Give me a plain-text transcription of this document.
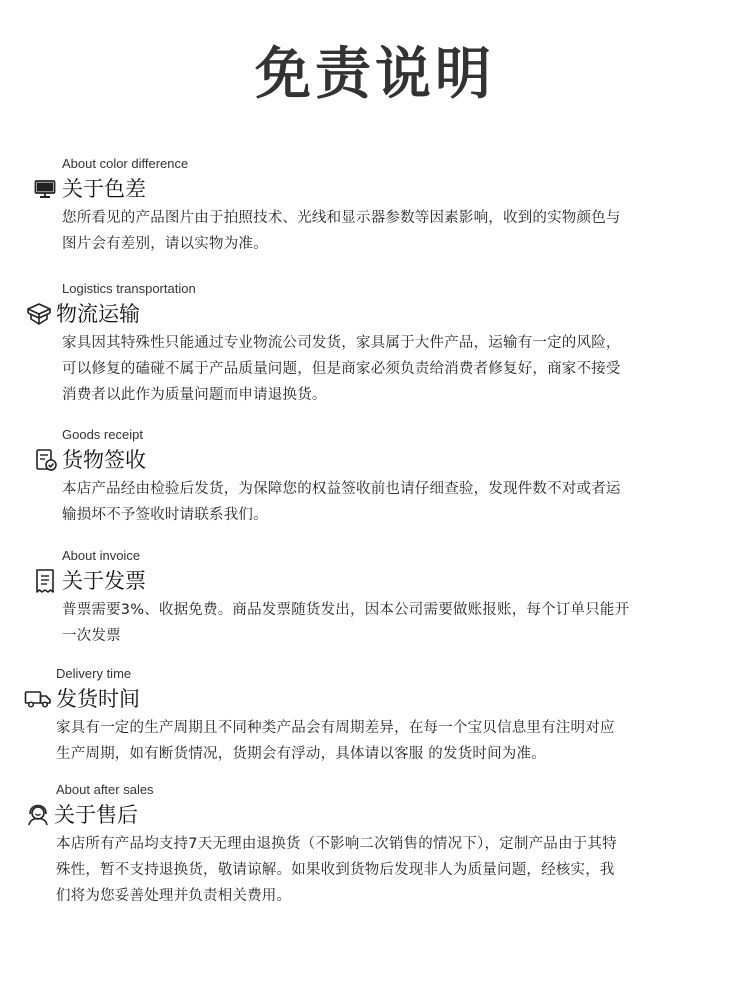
免责说明
About color difference
关于色差
您所看见的产品图片由于拍照技术、光线和显示器参数等因素影响，收到的实物颜色与
图片会有差别，请以实物为准。
Logistics transportation
物流运输
家具因其特殊性只能通过专业物流公司发货，家具属于大件产品，运输有一定的风险，
可以修复的磕碰不属于产品质量问题，但是商家必须负责给消费者修复好，商家不接受
消费者以此作为质量问题而申请退换货。
Goods receipt
货物签收
本店产品经由检验后发货，为保障您的权益签收前也请仔细查验，发现件数不对或者运
输损坏不予签收时请联系我们。
About invoice
关于发票
普票需要3%、收据免费。商品发票随货发出，因本公司需要做账报账，每个订单只能开
一次发票
Delivery time
发货时间
家具有一定的生产周期且不同种类产品会有周期差异，在每一个宝贝信息里有注明对应
生产周期，如有断货情况，货期会有浮动，具体请以客服 的发货时间为准。
About after sales
关于售后
本店所有产品均支持7天无理由退换货（不影响二次销售的情况下），定制产品由于其特
殊性，暂不支持退换货，敬请谅解。如果收到货物后发现非人为质量问题，经核实，我
们将为您妥善处理并负责相关费用。
